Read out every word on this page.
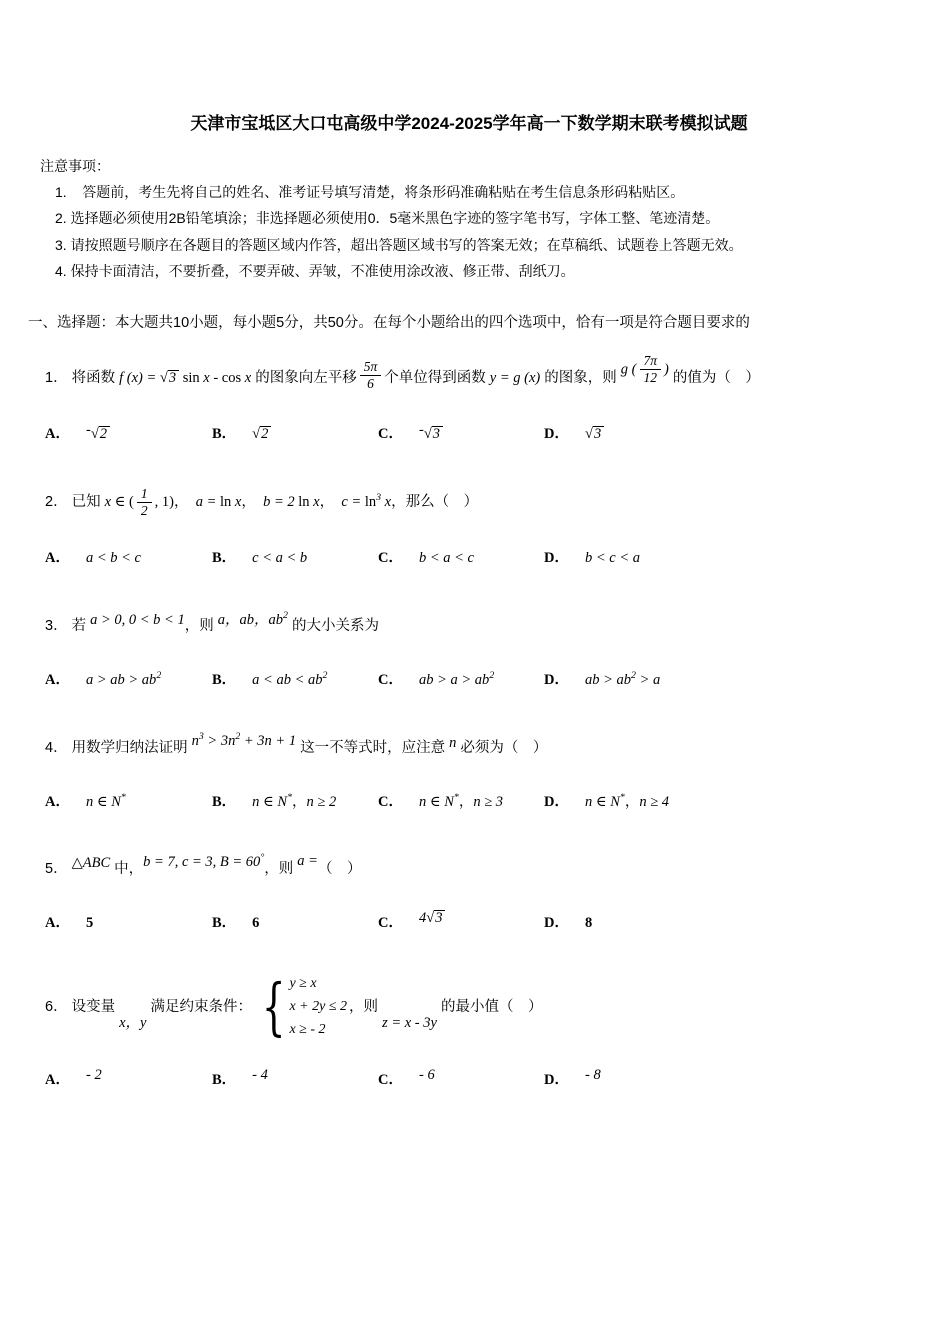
天津市宝坻区大口屯高级中学2024-2025学年高一下数学期末联考模拟试题
注意事项：
1.    答题前，考生先将自己的姓名、准考证号填写清楚，将条形码准确粘贴在考生信息条形码粘贴区。
2. 选择题必须使用2B铅笔填涂；非选择题必须使用0．5毫米黑色字迹的签字笔书写，字体工整、笔迹清楚。
3. 请按照题号顺序在各题目的答题区域内作答，超出答题区域书写的答案无效；在草稿纸、试题卷上答题无效。
4. 保持卡面清洁，不要折叠，不要弄破、弄皱，不准使用涂改液、修正带、刮纸刀。
一、选择题：本大题共10小题，每小题5分，共50分。在每个小题给出的四个选项中，恰有一项是符合题目要求的
1． 将函数 f (x) = √3 sin x - cos x 的图象向左平移 $\frac{5\pi}{6}$ 个单位得到函数 y = g (x) 的图象，则 g ( $\frac{7\pi}{12}$ ) 的值为（　）
A． -√2	B． √2	C． -√3	D． √3
2． 已知 x ∈ ( $\frac{1}{2}$ , 1)，　a = ln x，　b = 2 ln x，　$c = \ln^3 x$，那么（　）
A． a < b < c	B． c < a < b	C． b < a < c	D． b < c < a
3． 若 a > 0, 0 < b < 1，则 a，ab，$ab^2$ 的大小关系为
A． a > ab > $ab^2$	B． a < ab < $ab^2$	C． ab > $a > ab^2$	D． ab > $ab^2 > a$
4． 用数学归纳法证明 $n^3 > 3n^2 + 3n + 1$ 这一不等式时，应注意 n 必须为（　）
A． n ∈ N*	B． n ∈ N*，n ≥ 2	C． n ∈ N*，n ≥ 3	D． n ∈ N*，n ≥ 4
5． △ABC 中，b = 7, c = 3, B = 60°，则 a =（　）
A． 5	B． 6	C． 4√3	D． 8
6． 设变量 x，y 满足约束条件： { y ≥ x
x + 2y ≤ 2
x ≥ - 2
，则 z = x - 3y 的最小值（　）
A． - 2	B． - 4	C． - 6	D． - 8
